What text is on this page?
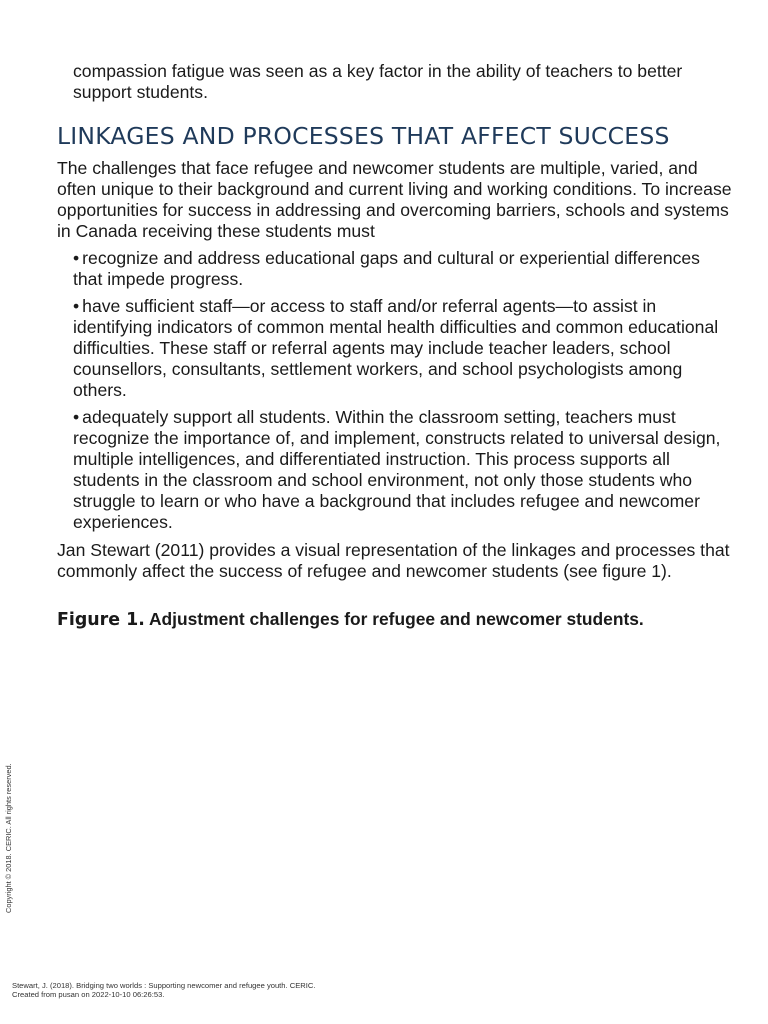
compassion fatigue was seen as a key factor in the ability of teachers to better support students.

LINKAGES AND PROCESSES THAT AFFECT SUCCESS

The challenges that face refugee and newcomer students are multiple, varied, and often unique to their background and current living and working conditions. To increase opportunities for success in addressing and overcoming barriers, schools and systems in Canada receiving these students must

• recognize and address educational gaps and cultural or experiential differences that impede progress.
• have sufficient staff—or access to staff and/or referral agents—to assist in identifying indicators of common mental health difficulties and common educational difficulties. These staff or referral agents may include teacher leaders, school counsellors, consultants, settlement workers, and school psychologists among others.
• adequately support all students. Within the classroom setting, teachers must recognize the importance of, and implement, constructs related to universal design, multiple intelligences, and differentiated instruction. This process supports all students in the classroom and school environment, not only those students who struggle to learn or who have a background that includes refugee and newcomer experiences.

Jan Stewart (2011) provides a visual representation of the linkages and processes that commonly affect the success of refugee and newcomer students (see figure 1).

Figure 1. Adjustment challenges for refugee and newcomer students.

Copyright © 2018. CERIC. All rights reserved.
Stewart, J. (2018). Bridging two worlds : Supporting newcomer and refugee youth. CERIC.
Created from pusan on 2022-10-10 06:26:53.
